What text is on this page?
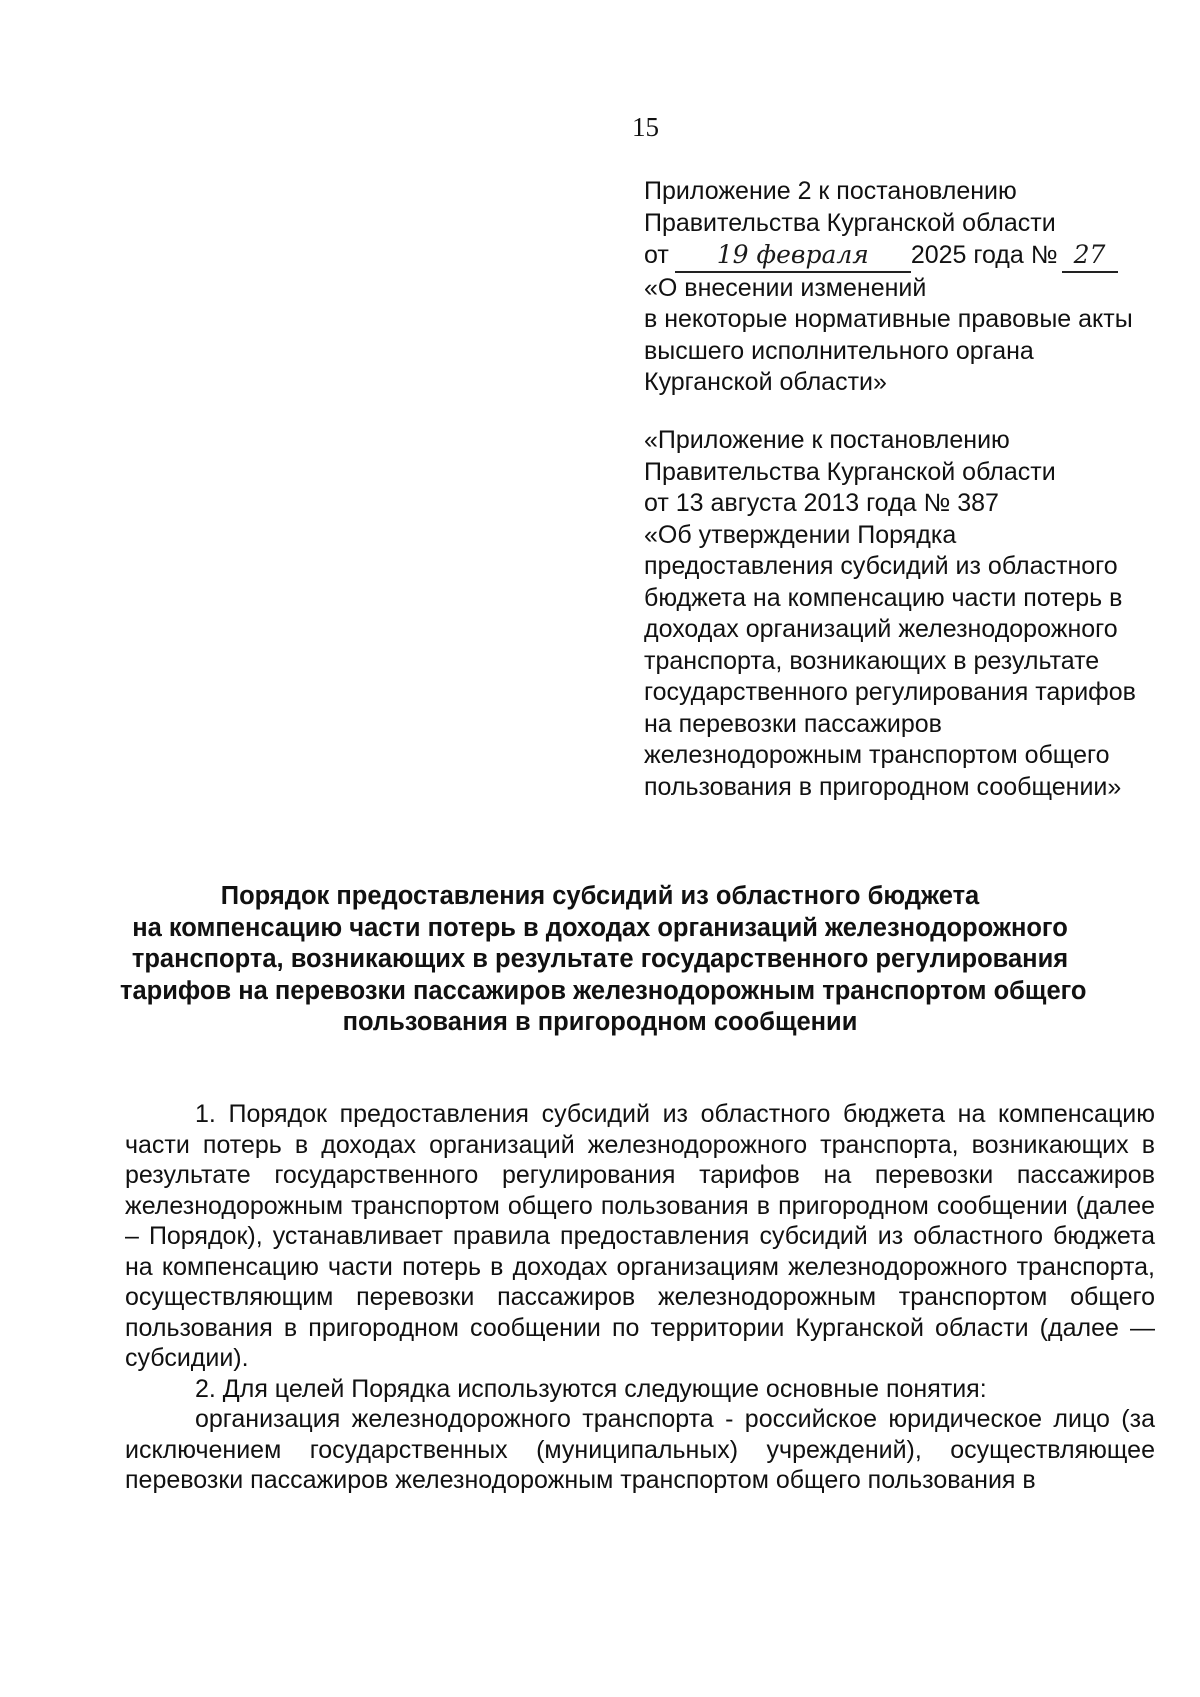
15
Приложение 2 к постановлению
Правительства Курганской области
от 19 февраля 2025 года № 27
«О внесении изменений
в некоторые нормативные правовые акты
высшего исполнительного органа
Курганской области»
«Приложение к постановлению
Правительства Курганской области
от 13 августа 2013 года № 387
«Об утверждении Порядка
предоставления субсидий из областного
бюджета на компенсацию части потерь в
доходах организаций железнодорожного
транспорта, возникающих в результате
государственного регулирования тарифов
на перевозки пассажиров
железнодорожным транспортом общего
пользования в пригородном сообщении»
Порядок предоставления субсидий из областного бюджета
на компенсацию части потерь в доходах организаций железнодорожного
транспорта, возникающих в результате государственного регулирования
тарифов на перевозки пассажиров железнодорожным транспортом общего
пользования в пригородном сообщении

1. Порядок предоставления субсидий из областного бюджета на компенсацию части потерь в доходах организаций железнодорожного транспорта, возникающих в результате государственного регулирования тарифов на перевозки пассажиров железнодорожным транспортом общего пользования в пригородном сообщении (далее – Порядок), устанавливает правила предоставления субсидий из областного бюджета на компенсацию части потерь в доходах организациям железнодорожного транспорта, осуществляющим перевозки пассажиров железнодорожным транспортом общего пользования в пригородном сообщении по территории Курганской области (далее — субсидии).

2. Для целей Порядка используются следующие основные понятия:

организация железнодорожного транспорта - российское юридическое лицо (за исключением государственных (муниципальных) учреждений), осуществляющее перевозки пассажиров железнодорожным транспортом общего пользования в
